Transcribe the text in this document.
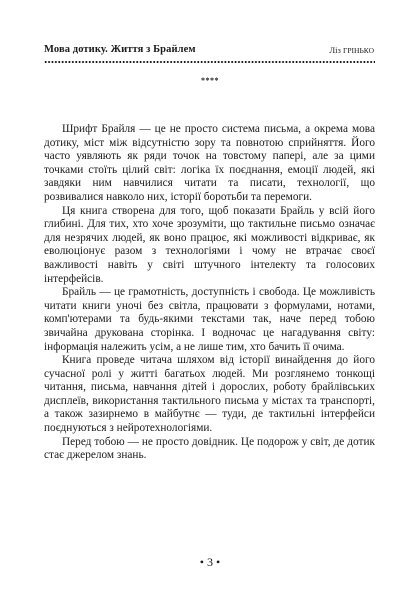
Мова дотику. Життя з Брайлем	Ліз ГРІНЬКО
****

Шрифт Брайля — це не просто система письма, а окрема мова дотику, міст між відсутністю зору та повнотою сприйняття. Його часто уявляють як ряди точок на товстому папері, але за цими точками стоїть цілий світ: логіка їх поєднання, емоції людей, які завдяки ним навчилися читати та писати, технології, що розвивалися навколо них, історії боротьби та перемоги.

Ця книга створена для того, щоб показати Брайль у всій його глибині. Для тих, хто хоче зрозуміти, що тактильне письмо означає для незрячих людей, як воно працює, які можливості відкриває, як еволюціонує разом з технологіями і чому не втрачає своєї важливості навіть у світі штучного інтелекту та голосових інтерфейсів.

Брайль — це грамотність, доступність і свобода. Це можливість читати книги уночі без світла, працювати з формулами, нотами, комп'ютерами та будь-якими текстами так, наче перед тобою звичайна друкована сторінка. І водночас це нагадування світу: інформація належить усім, а не лише тим, хто бачить її очима.

Книга проведе читача шляхом від історії винайдення до його сучасної ролі у житті багатьох людей. Ми розглянемо тонкощі читання, письма, навчання дітей і дорослих, роботу брайлівських дисплеїв, використання тактильного письма у містах та транспорті, а також зазирнемо в майбутнє — туди, де тактильні інтерфейси поєднуються з нейротехнологіями.

Перед тобою — не просто довідник. Це подорож у світ, де дотик стає джерелом знань.

• 3 •
